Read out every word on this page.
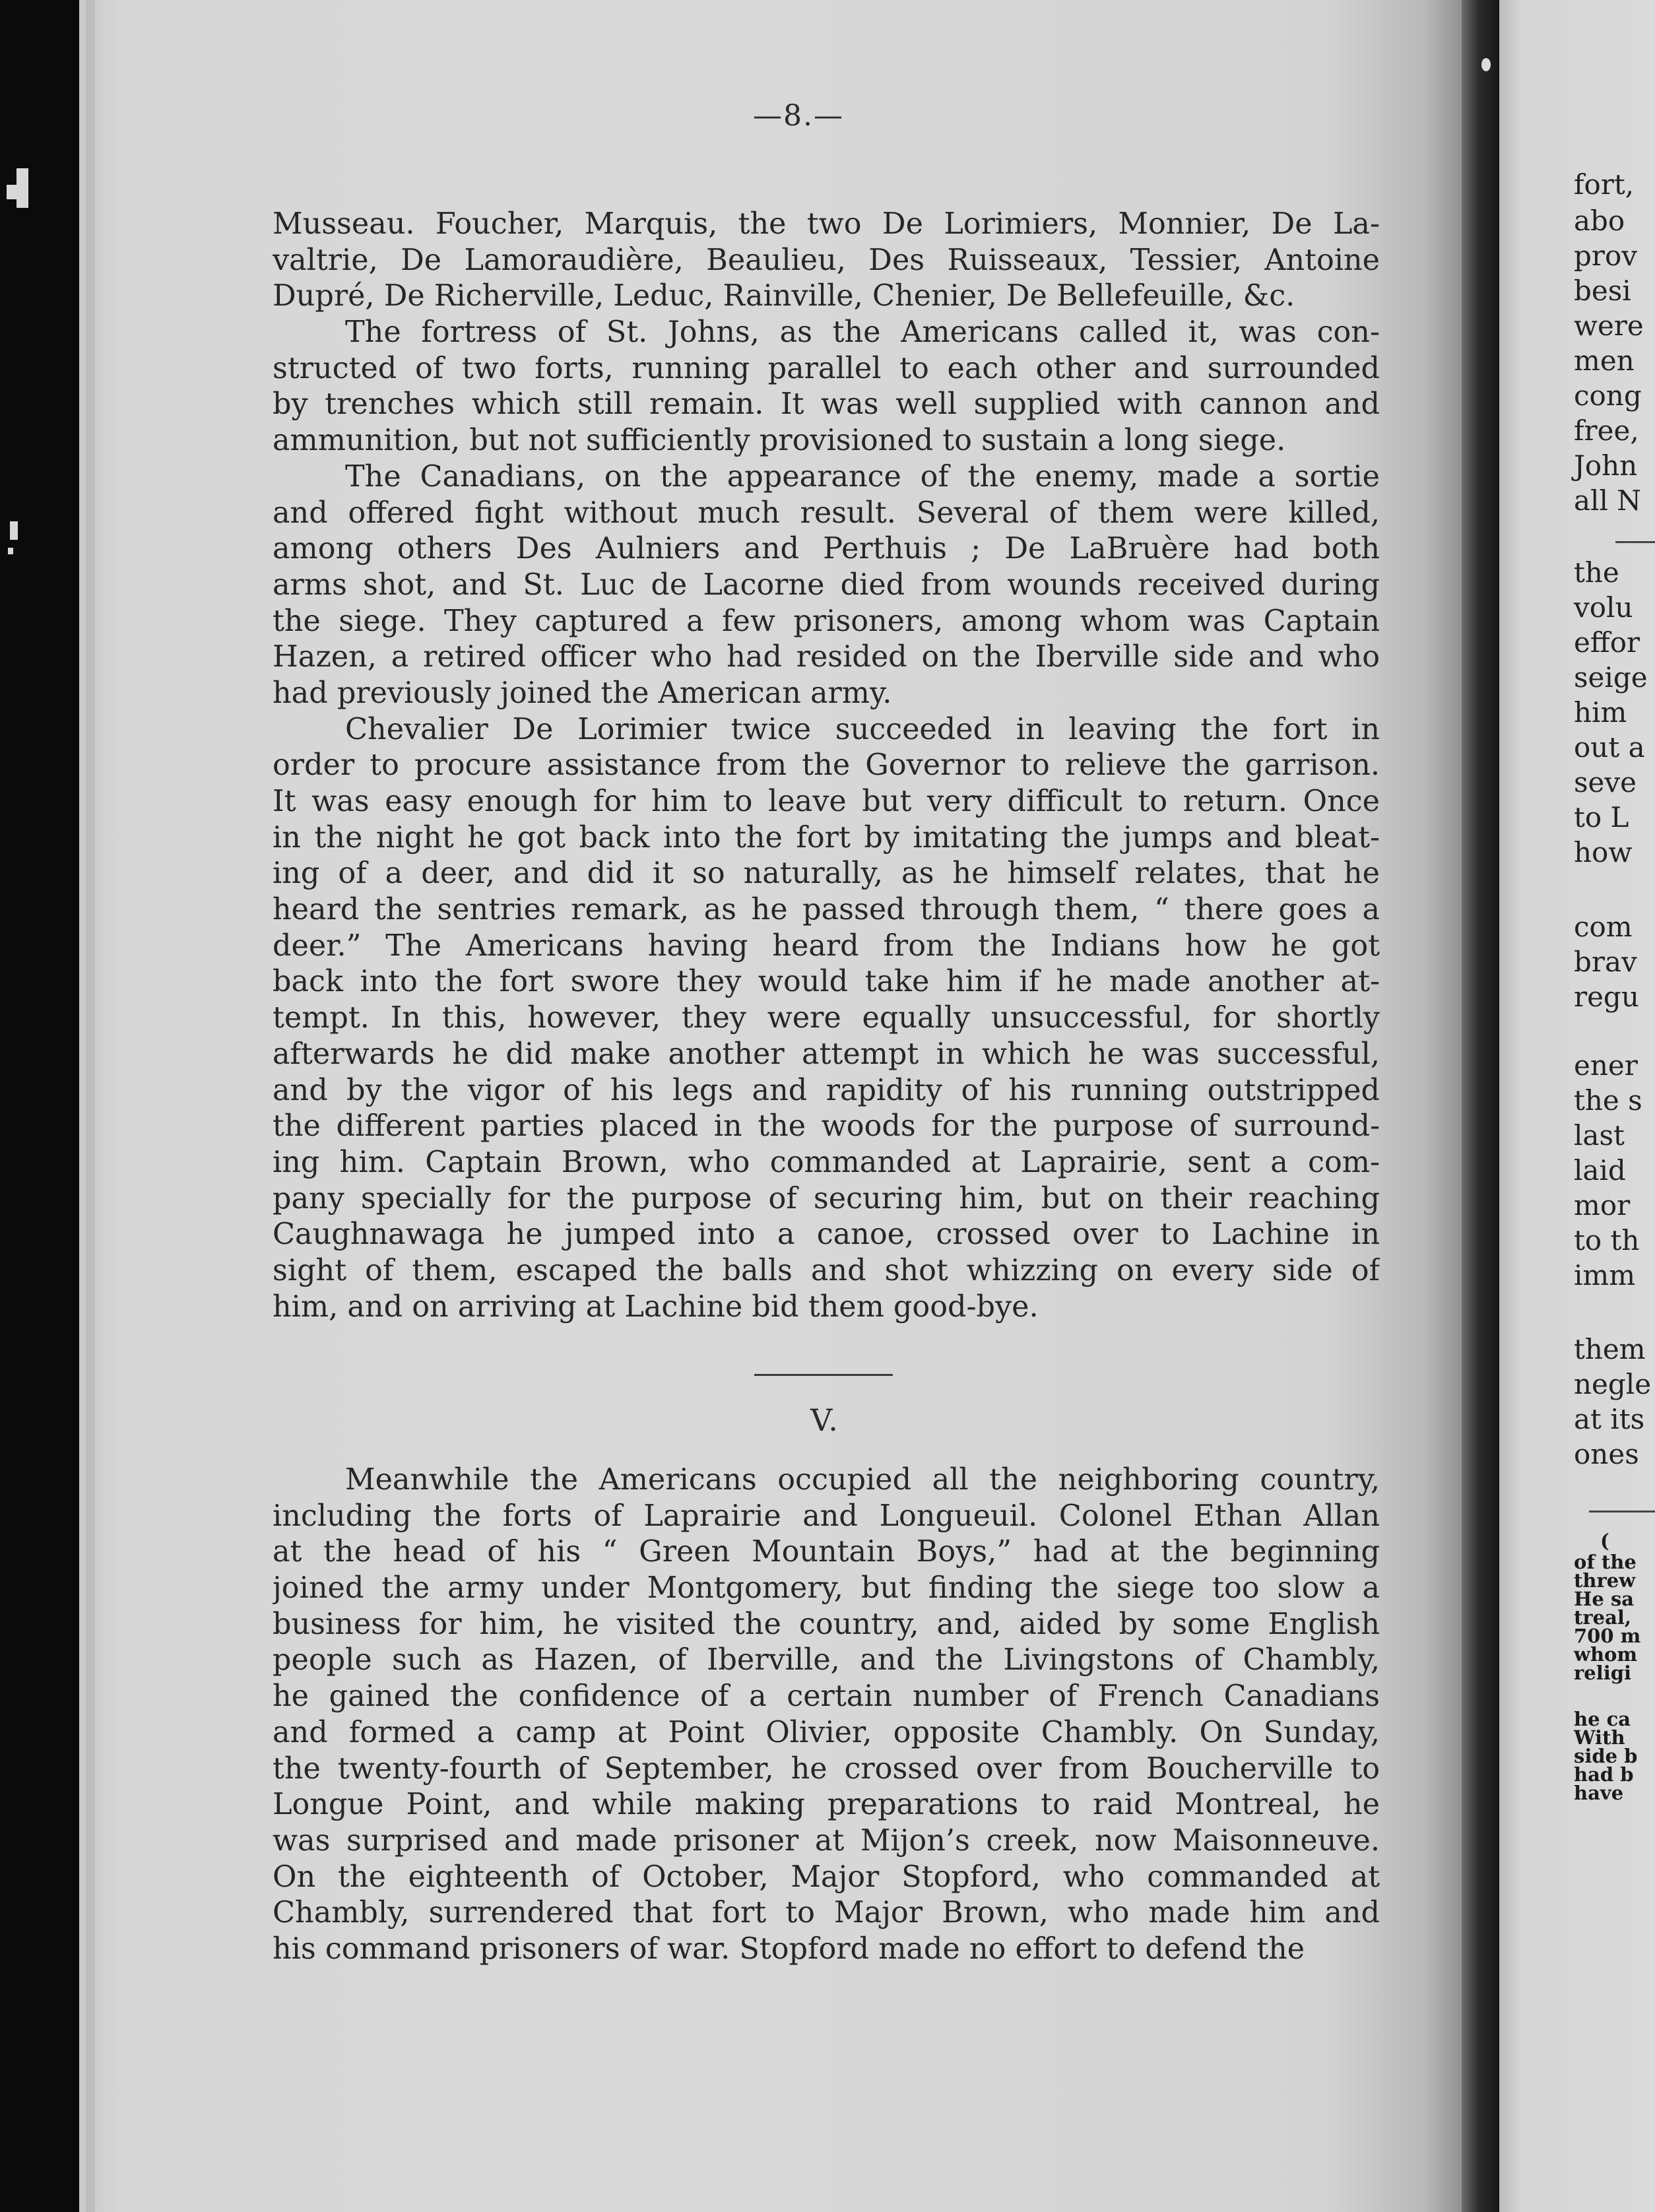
—8.—
Musseau. Foucher, Marquis, the two De Lorimiers, Monnier, De La-
valtrie, De Lamoraudière, Beaulieu, Des Ruisseaux, Tessier, Antoine
Dupré, De Richerville, Leduc, Rainville, Chenier, De Bellefeuille, &c.
The fortress of St. Johns, as the Americans called it, was con-
structed of two forts, running parallel to each other and surrounded
by trenches which still remain. It was well supplied with cannon and
ammunition, but not sufficiently provisioned to sustain a long siege.
The Canadians, on the appearance of the enemy, made a sortie
and offered fight without much result. Several of them were killed,
among others Des Aulniers and Perthuis ; De LaBruère had both
arms shot, and St. Luc de Lacorne died from wounds received during
the siege. They captured a few prisoners, among whom was Captain
Hazen, a retired officer who had resided on the Iberville side and who
had previously joined the American army.
Chevalier De Lorimier twice succeeded in leaving the fort in
order to procure assistance from the Governor to relieve the garrison.
It was easy enough for him to leave but very difficult to return. Once
in the night he got back into the fort by imitating the jumps and bleat-
ing of a deer, and did it so naturally, as he himself relates, that he
heard the sentries remark, as he passed through them, “ there goes a
deer.” The Americans having heard from the Indians how he got
back into the fort swore they would take him if he made another at-
tempt. In this, however, they were equally unsuccessful, for shortly
afterwards he did make another attempt in which he was successful,
and by the vigor of his legs and rapidity of his running outstripped
the different parties placed in the woods for the purpose of surround-
ing him. Captain Brown, who commanded at Laprairie, sent a com-
pany specially for the purpose of securing him, but on their reaching
Caughnawaga he jumped into a canoe, crossed over to Lachine in
sight of them, escaped the balls and shot whizzing on every side of
him, and on arriving at Lachine bid them good-bye.
V.
Meanwhile the Americans occupied all the neighboring country,
including the forts of Laprairie and Longueuil. Colonel Ethan Allan
at the head of his “ Green Mountain Boys,” had at the beginning
joined the army under Montgomery, but finding the siege too slow a
business for him, he visited the country, and, aided by some English
people such as Hazen, of Iberville, and the Livingstons of Chambly,
he gained the confidence of a certain number of French Canadians
and formed a camp at Point Olivier, opposite Chambly. On Sunday,
the twenty-fourth of September, he crossed over from Boucherville to
Longue Point, and while making preparations to raid Montreal, he
was surprised and made prisoner at Mijon’s creek, now Maisonneuve.
On the eighteenth of October, Major Stopford, who commanded at
Chambly, surrendered that fort to Major Brown, who made him and
his command prisoners of war. Stopford made no effort to defend the
fort,
abo
prov
besi
were
men
cong
free,
John
all N
the
volu
effor
seige
him
out a
seve
to L
how
com
brav
regu
ener
the s
last
laid
mor
to th
imm
them
negle
at its
ones
(
of the
threw
He sa
treal,
700 m
whom
religi
he ca
With
side b
had b
have
